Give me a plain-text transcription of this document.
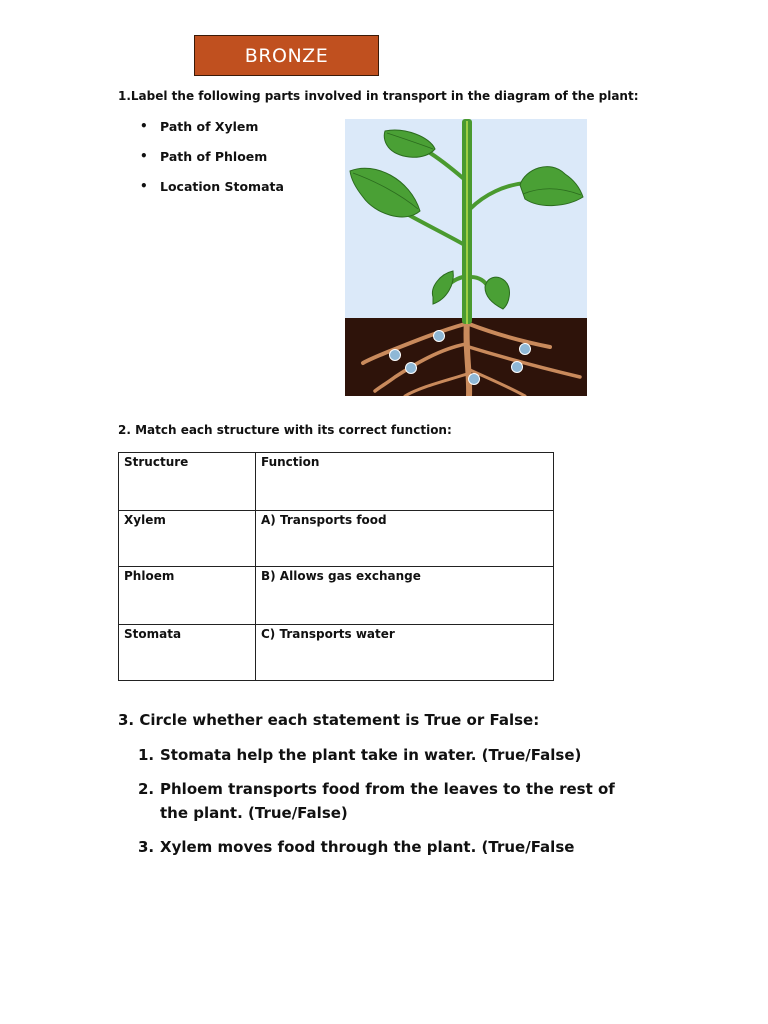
BRONZE
1.Label the following parts involved in transport in the diagram of the plant:
• Path of Xylem
• Path of Phloem
• Location Stomata
2. Match each structure with its correct function:
Structure	Function
Xylem	A) Transports food
Phloem	B) Allows gas exchange
Stomata	C) Transports water
3. Circle whether each statement is True or False:
1. Stomata help the plant take in water. (True/False)
2. Phloem transports food from the leaves to the rest of the plant. (True/False)
3. Xylem moves food through the plant. (True/False
